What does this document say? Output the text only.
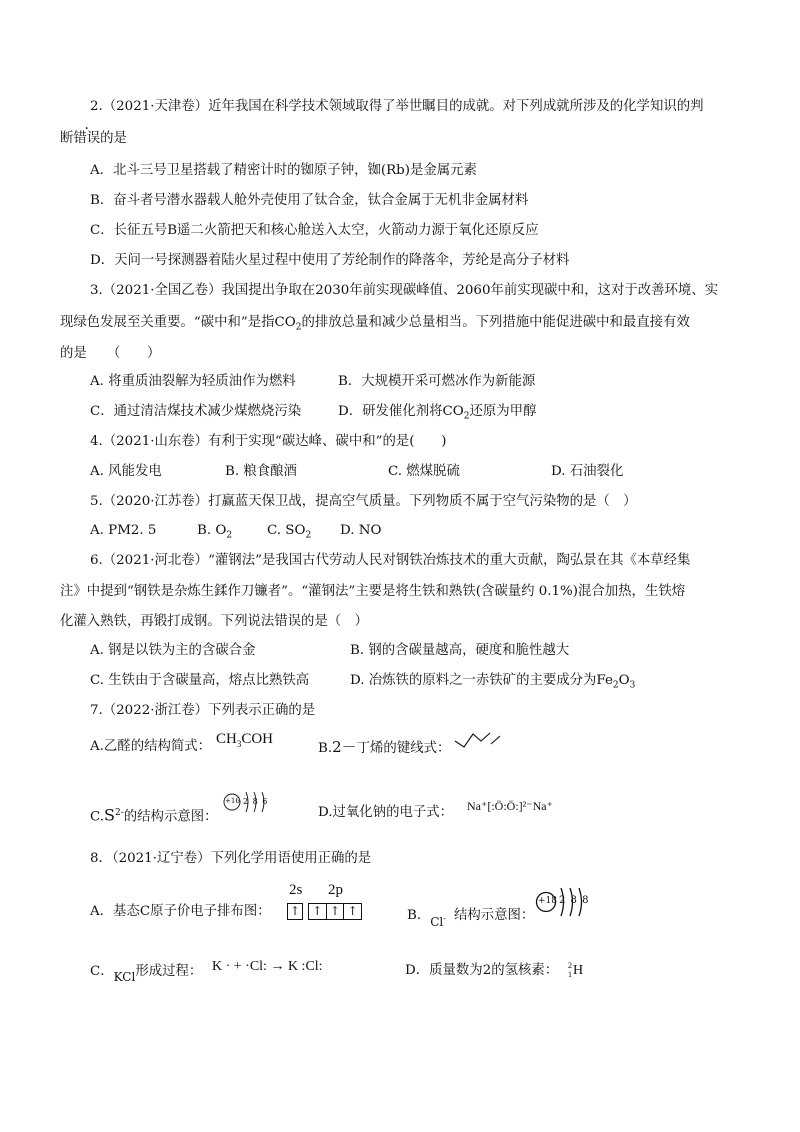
2.（2021·天津卷）近年我国在科学技术领域取得了举世瞩目的成就。对下列成就所涉及的化学知识的判
断错误的是
A．北斗三号卫星搭载了精密计时的铷原子钟，铷(Rb)是金属元素
B．奋斗者号潜水器载人舱外壳使用了钛合金，钛合金属于无机非金属材料
C．长征五号B遥二火箭把天和核心舱送入太空，火箭动力源于氧化还原反应
D．天问一号探测器着陆火星过程中使用了芳纶制作的降落伞，芳纶是高分子材料
3.（2021·全国乙卷）我国提出争取在2030年前实现碳峰值、2060年前实现碳中和，这对于改善环境、实
现绿色发展至关重要。“碳中和”是指$CO_2$的排放总量和减少总量相当。下列措施中能促进碳中和最直接有效
的是　　（　　）
A. 将重质油裂解为轻质油作为燃料	B．大规模开采可燃冰作为新能源
C．通过清洁煤技术减少煤燃烧污染	D．研发催化剂将$CO_2$还原为甲醇
4.（2021·山东卷）有利于实现“碳达峰、碳中和”的是(　　)
A. 风能发电	B. 粮食酿酒	C. 燃煤脱硫	D. 石油裂化
5.（2020·江苏卷）打赢蓝天保卫战，提高空气质量。下列物质不属于空气污染物的是（　）
A. PM2. 5	B. $O_2$	C. $SO_2$ D. NO
6.（2021·河北卷）“灌钢法”是我国古代劳动人民对钢铁冶炼技术的重大贡献，陶弘景在其《本草经集
注》中提到“钢铁是杂炼生鍒作刀镰者”。“灌钢法”主要是将生铁和熟铁(含碳量约 0.1%)混合加热，生铁熔
化灌入熟铁，再锻打成钢。下列说法错误的是（　）
A. 钢是以铁为主的含碳合金	B. 钢的含碳量越高，硬度和脆性越大
C. 生铁由于含碳量高，熔点比熟铁高	D. 冶炼铁的原料之一赤铁矿的主要成分为$Fe_2O_3$
7.（2022·浙江卷）下列表示正确的是
A.乙醛的结构简式： $CH_3COH$
B.2－丁烯的键线式：
$C.S^{2-}$的结构示意图：
+16 2 8 6
D.过氧化钠的电子式： Na⁺[:Ö:Ö:]²⁻Na⁺
8．（2021·辽宁卷）下列化学用语使用正确的是
A．基态C原子价电子排布图：
2s 2p
↑ ↑ ↑ ↑	B．Cl- 结构示意图：
+18 2 8 8
C．KCl形成过程： K · + ·Cl: → K :Cl:	D．质量数为2的氢核素： 2
1 H
